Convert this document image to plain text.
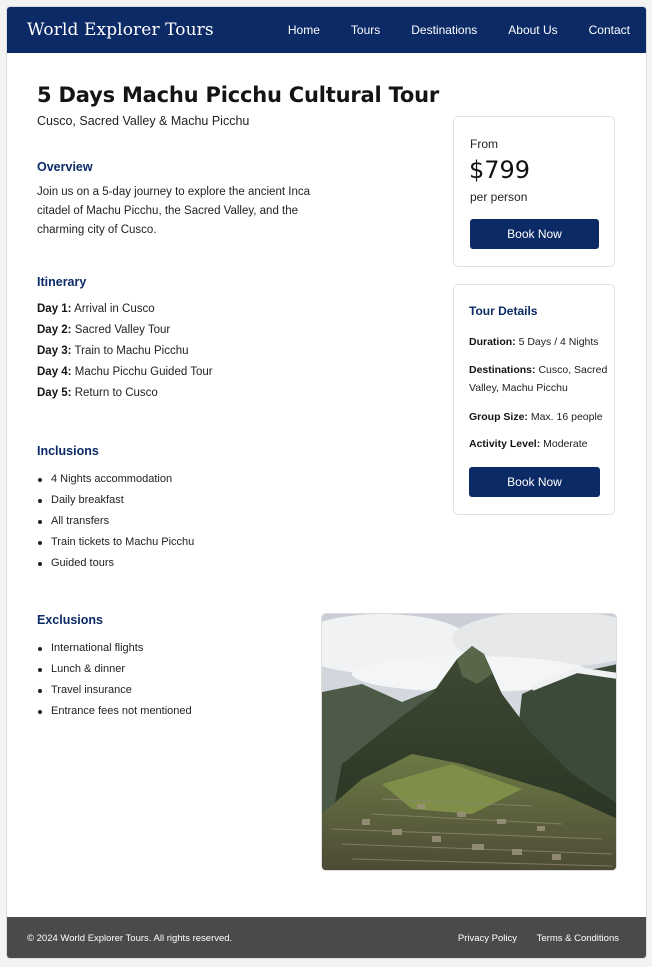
World Explorer Tours	Home	Tours	Destinations	About Us	Contact
5 Days Machu Picchu Cultural Tour
Cusco, Sacred Valley & Machu Picchu
Overview

Join us on a 5-day journey to explore the ancient Inca citadel of Machu Picchu, the Sacred Valley, and the charming city of Cusco.

Itinerary
Day 1: Arrival in Cusco
Day 2: Sacred Valley Tour
Day 3: Train to Machu Picchu
Day 4: Machu Picchu Guided Tour
Day 5: Return to Cusco
Inclusions
4 Nights accommodation
Daily breakfast
All transfers
Train tickets to Machu Picchu
Guided tours
Exclusions
International flights
Lunch & dinner
Travel insurance
Entrance fees not mentioned
From
$799
per person
Book Now
Tour Details
Duration: 5 Days / 4 Nights
Destinations: Cusco, Sacred Valley, Machu Picchu
Group Size: Max. 16 people
Activity Level: Moderate
Book Now
© 2024 World Explorer Tours. All rights reserved.	Privacy Policy Terms & Conditions
